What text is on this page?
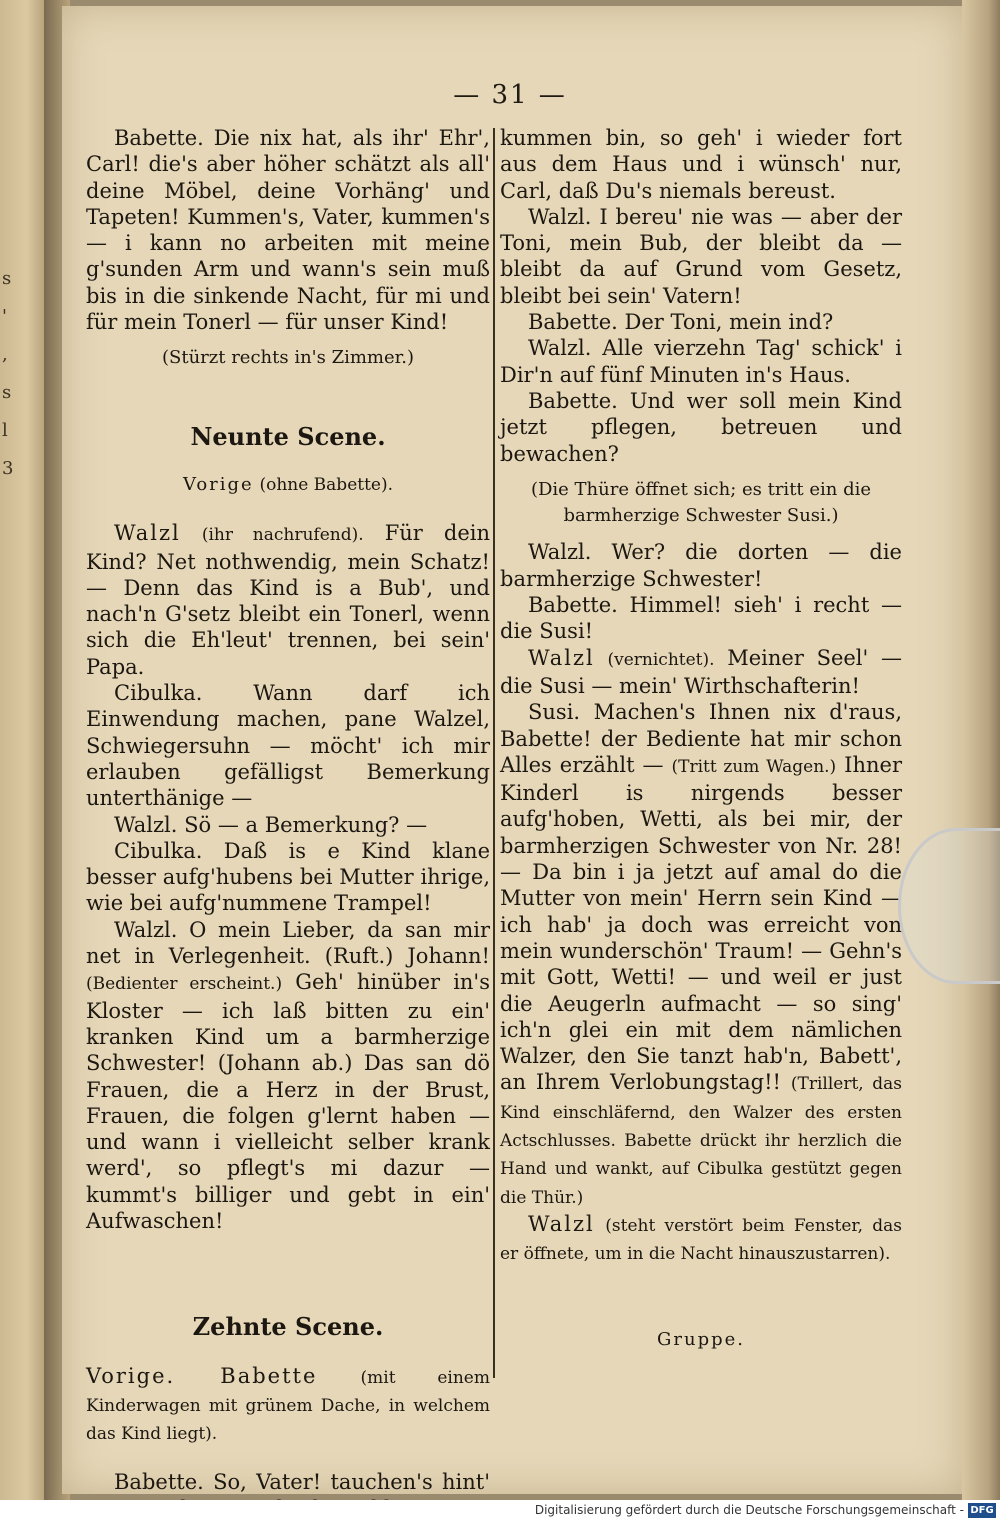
s
'
,
s
l
3
— 31 —

Babette. Die nix hat, als ihr' Ehr', Carl! die's aber höher schätzt als all' deine Möbel, deine Vorhäng' und Tapeten! Kummen's, Vater, kummen's — i kann no arbeiten mit meine g'sunden Arm und wann's sein muß bis in die sinkende Nacht, für mi und für mein Tonerl — für unser Kind!

(Stürzt rechts in's Zimmer.)

Neunte Scene.

Vorige (ohne Babette).

Walzl (ihr nachrufend). Für dein Kind? Net nothwendig, mein Schatz! — Denn das Kind is a Bub', und nach'n G'setz bleibt ein Tonerl, wenn sich die Eh'leut' trennen, bei sein' Papa.

Cibulka. Wann darf ich Einwendung machen, pane Walzel, Schwiegersuhn — möcht' ich mir erlauben gefälligst Bemerkung unterthänige —

Walzl. Sö — a Bemerkung? —

Cibulka. Daß is e Kind klane besser aufg'hubens bei Mutter ihrige, wie bei aufg'nummene Trampel!

Walzl. O mein Lieber, da san mir net in Verlegenheit. (Ruft.) Johann! (Bedienter erscheint.) Geh' hinüber in's Kloster — ich laß bitten zu ein' kranken Kind um a barmherzige Schwester! (Johann ab.) Das san dö Frauen, die a Herz in der Brust, Frauen, die folgen g'lernt haben — und wann i vielleicht selber krank werd', so pflegt's mi dazur — kummt's billiger und gebt in ein' Aufwaschen!

Zehnte Scene.

Vorige. Babette	(mit einem Kinderwagen mit grünem Dache, in welchem das Kind liegt).

Babette. So, Vater! tauchen's hint'

kummen bin, so geh' i wieder fort aus dem Haus und i wünsch' nur, Carl, daß Du's niemals bereust.

Walzl. I bereu' nie was — aber der Toni, mein Bub, der bleibt da — bleibt da auf Grund vom Gesetz, bleibt bei sein' Vatern!

Babette. Der Toni, mein ind?

Walzl. Alle vierzehn Tag' schick' i Dir'n auf fünf Minuten in's Haus.

Babette. Und wer soll mein Kind jetzt pflegen, betreuen und bewachen?

(Die Thüre öffnet sich; es tritt ein die barmherzige Schwester Susi.)

Walzl. Wer? die dorten — die barmherzige Schwester!

Babette. Himmel! sieh' i recht — die Susi!

Walzl (vernichtet). Meiner Seel' — die Susi — mein' Wirthschafterin!

Susi. Machen's Ihnen nix d'raus, Babette! der Bediente hat mir schon Alles erzählt — (Tritt zum Wagen.) Ihner Kinderl is nirgends besser aufg'hoben, Wetti, als bei mir, der barmherzigen Schwester von Nr. 28! — Da bin i ja jetzt auf amal do die Mutter von mein' Herrn sein Kind — ich hab' ja doch was erreicht von mein wunderschön' Traum! — Gehn's mit Gott, Wetti! — und weil er just die Aeugerln aufmacht — so sing' ich'n glei ein mit dem nämlichen Walzer, den Sie tanzt hab'n, Babett', an Ihrem Verlobungstag!! (Trillert, das Kind einschläfernd, den Walzer des ersten Actschlusses. Babette drückt ihr herzlich die Hand und wankt, auf Cibulka gestützt gegen die Thür.)

Walzl (steht verstört beim Fenster, das er öffnete, um in die Nacht hinauszustarren).

Gruppe.

Digitalisierung gefördert durch die Deutsche Forschungsgemeinschaft - DFG
